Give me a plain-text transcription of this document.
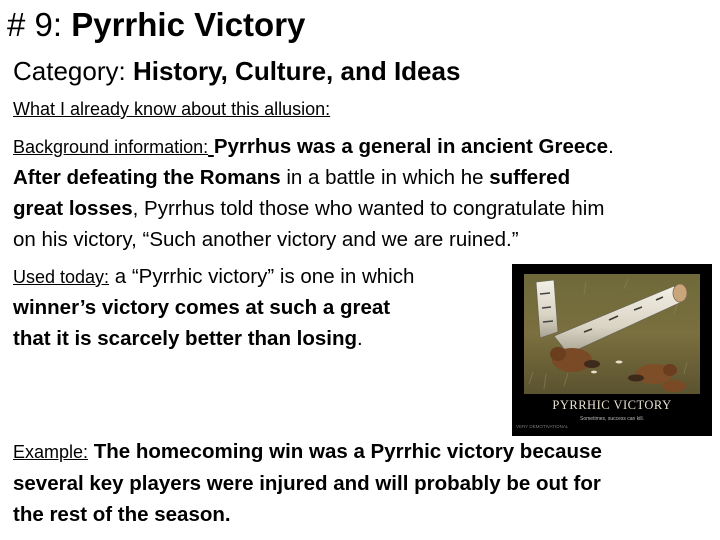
# 9: Pyrrhic Victory
Category: History, Culture, and Ideas
What I already know about this allusion:
Background information: Pyrrhus was a general in ancient Greece.
After defeating the Romans in a battle in which he suffered
great losses, Pyrrhus told those who wanted to congratulate him
on his victory, “Such another victory and we are ruined.”
Used today: a “Pyrrhic victory” is one in which
winner’s victory comes at such a great
that it is scarcely better than losing.
PYRRHIC VICTORY
Sometimes, success can kill.
VERY DEMOTIVATIONAL
Example: The homecoming win was a Pyrrhic victory because
several key players were injured and will probably be out for
the rest of the season.
